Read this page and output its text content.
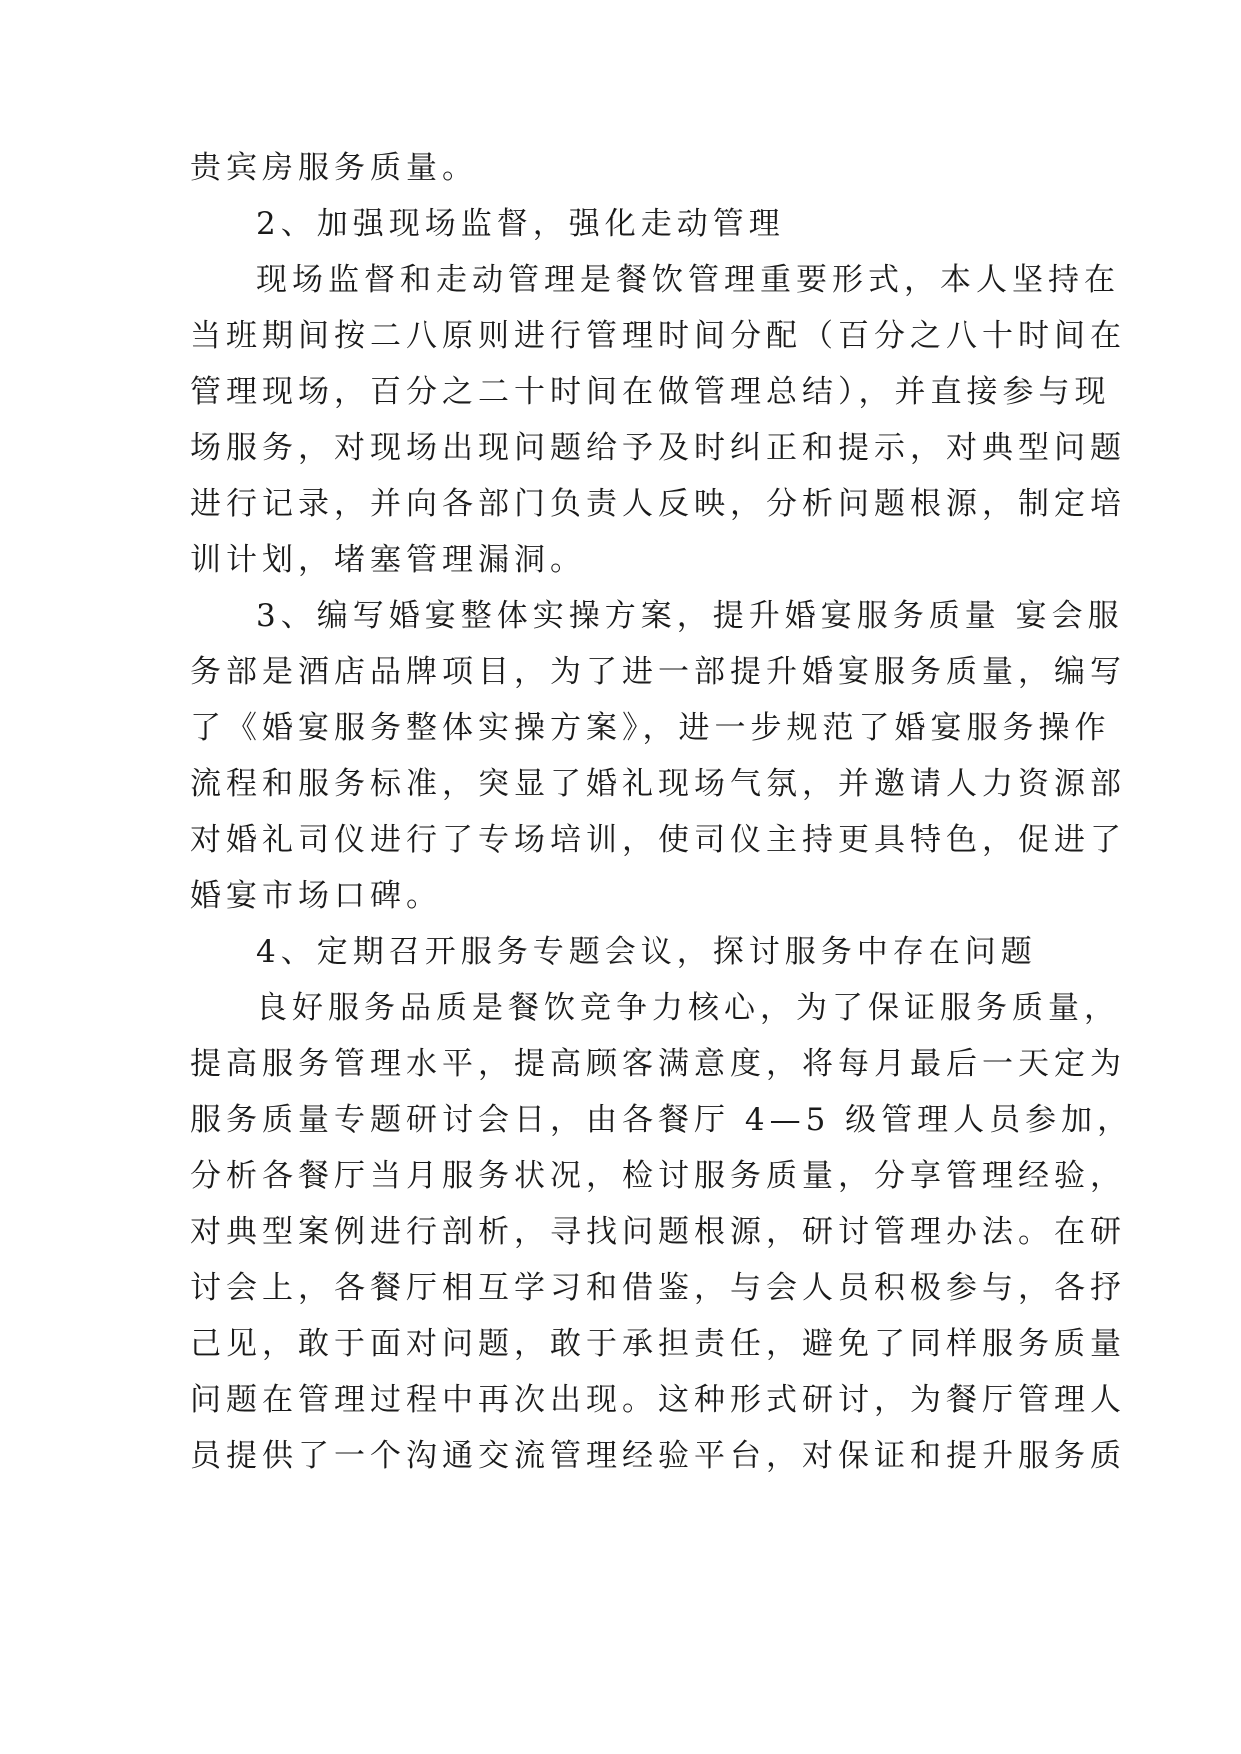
贵宾房服务质量。
2、加强现场监督，强化走动管理
现场监督和走动管理是餐饮管理重要形式，本人坚持在
当班期间按二八原则进行管理时间分配（百分之八十时间在
管理现场，百分之二十时间在做管理总结），并直接参与现
场服务，对现场出现问题给予及时纠正和提示，对典型问题
进行记录，并向各部门负责人反映，分析问题根源，制定培
训计划，堵塞管理漏洞。
3、编写婚宴整体实操方案，提升婚宴服务质量 宴会服
务部是酒店品牌项目，为了进一部提升婚宴服务质量，编写
了《婚宴服务整体实操方案》，进一步规范了婚宴服务操作
流程和服务标准，突显了婚礼现场气氛，并邀请人力资源部
对婚礼司仪进行了专场培训，使司仪主持更具特色，促进了
婚宴市场口碑。
4、定期召开服务专题会议，探讨服务中存在问题
良好服务品质是餐饮竞争力核心，为了保证服务质量，
提高服务管理水平，提高顾客满意度，将每月最后一天定为
服务质量专题研讨会日，由各餐厅 4—5 级管理人员参加，
分析各餐厅当月服务状况，检讨服务质量，分享管理经验，
对典型案例进行剖析，寻找问题根源，研讨管理办法。在研
讨会上，各餐厅相互学习和借鉴，与会人员积极参与，各抒
己见，敢于面对问题，敢于承担责任，避免了同样服务质量
问题在管理过程中再次出现。这种形式研讨，为餐厅管理人
员提供了一个沟通交流管理经验平台，对保证和提升服务质
